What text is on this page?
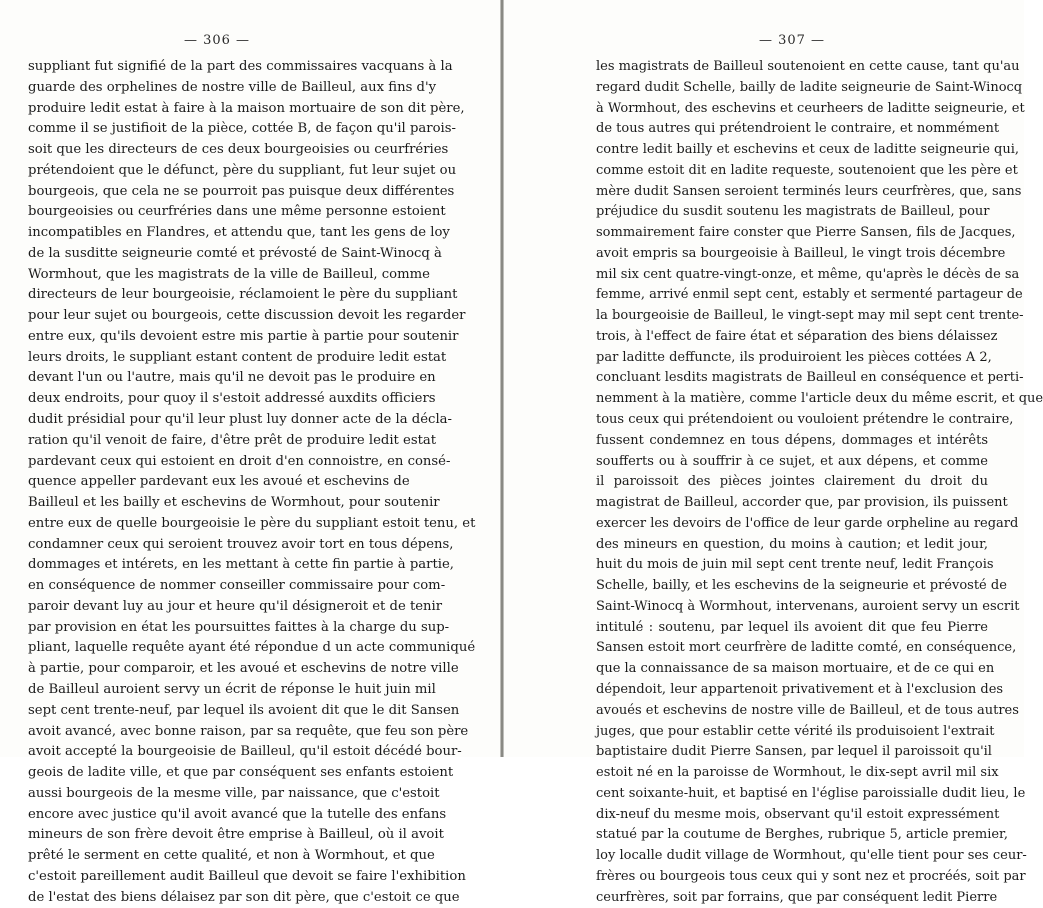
— 306 —
suppliant fut signifié de la part des commissaires vacquans à la
guarde des orphelines de nostre ville de Bailleul, aux fins d'y
produire ledit estat à faire à la maison mortuaire de son dit père,
comme il se justifioit de la pièce, cottée B, de façon qu'il parois-
soit que les directeurs de ces deux bourgeoisies ou ceurfréries
prétendoient que le défunct, père du suppliant, fut leur sujet ou
bourgeois, que cela ne se pourroit pas puisque deux différentes
bourgeoisies ou ceurfréries dans une même personne estoient
incompatibles en Flandres, et attendu que, tant les gens de loy
de la susditte seigneurie comté et prévosté de Saint-Winocq à
Wormhout, que les magistrats de la ville de Bailleul, comme
directeurs de leur bourgeoisie, réclamoient le père du suppliant
pour leur sujet ou bourgeois, cette discussion devoit les regarder
entre eux, qu'ils devoient estre mis partie à partie pour soutenir
leurs droits, le suppliant estant content de produire ledit estat
devant l'un ou l'autre, mais qu'il ne devoit pas le produire en
deux endroits, pour quoy il s'estoit addressé auxdits officiers
dudit présidial pour qu'il leur plust luy donner acte de la décla-
ration qu'il venoit de faire, d'être prêt de produire ledit estat
pardevant ceux qui estoient en droit d'en connoistre, en consé-
quence appeller pardevant eux les avoué et eschevins de
Bailleul et les bailly et eschevins de Wormhout, pour soutenir
entre eux de quelle bourgeoisie le père du suppliant estoit tenu, et
condamner ceux qui seroient trouvez avoir tort en tous dépens,
dommages et intérets, en les mettant à cette fin partie à partie,
en conséquence de nommer conseiller commissaire pour com-
paroir devant luy au jour et heure qu'il désigneroit et de tenir
par provision en état les poursuittes faittes à la charge du sup-
pliant, laquelle requête ayant été répondue d un acte communiqué
à partie, pour comparoir, et les avoué et eschevins de notre ville
de Bailleul auroient servy un écrit de réponse le huit juin mil
sept cent trente-neuf, par lequel ils avoient dit que le dit Sansen
avoit avancé, avec bonne raison, par sa requête, que feu son père
avoit accepté la bourgeoisie de Bailleul, qu'il estoit décédé bour-
geois de ladite ville, et que par conséquent ses enfants estoient
aussi bourgeois de la mesme ville, par naissance, que c'estoit
encore avec justice qu'il avoit avancé que la tutelle des enfans
mineurs de son frère devoit être emprise à Bailleul, où il avoit
prêté le serment en cette qualité, et non à Wormhout, et que
c'estoit pareillement audit Bailleul que devoit se faire l'exhibition
de l'estat des biens délaisez par son dit père, que c'estoit ce que
— 307 —
les magistrats de Bailleul soutenoient en cette cause, tant qu'au
regard dudit Schelle, bailly de ladite seigneurie de Saint-Winocq
à Wormhout, des eschevins et ceurheers de laditte seigneurie, et
de tous autres qui prétendroient le contraire, et nommément
contre ledit bailly et eschevins et ceux de laditte seigneurie qui,
comme estoit dit en ladite requeste, soutenoient que les père et
mère dudit Sansen seroient terminés leurs ceurfrères, que, sans
préjudice du susdit soutenu les magistrats de Bailleul, pour
sommairement faire conster que Pierre Sansen, fils de Jacques,
avoit empris sa bourgeoisie à Bailleul, le vingt trois décembre
mil six cent quatre-vingt-onze, et même, qu'après le décès de sa
femme, arrivé enmil sept cent, estably et sermenté partageur de
la bourgeoisie de Bailleul, le vingt-sept may mil sept cent trente-
trois, à l'effect de faire état et séparation des biens délaissez
par laditte deffuncte, ils produiroient les pièces cottées A 2,
concluant lesdits magistrats de Bailleul en conséquence et perti-
nemment à la matière, comme l'article deux du même escrit, et que
tous ceux qui prétendoient ou vouloient prétendre le contraire,
fussent condemnez en tous dépens, dommages et intérêts
soufferts ou à souffrir à ce sujet, et aux dépens, et comme
il paroissoit des pièces jointes clairement du droit du
magistrat de Bailleul, accorder que, par provision, ils puissent
exercer les devoirs de l'office de leur garde orpheline au regard
des mineurs en question, du moins à caution; et ledit jour,
huit du mois de juin mil sept cent trente neuf, ledit François
Schelle, bailly, et les eschevins de la seigneurie et prévosté de
Saint-Winocq à Wormhout, intervenans, auroient servy un escrit
intitulé : soutenu, par lequel ils avoient dit que feu Pierre
Sansen estoit mort ceurfrère de laditte comté, en conséquence,
que la connaissance de sa maison mortuaire, et de ce qui en
dépendoit, leur appartenoit privativement et à l'exclusion des
avoués et eschevins de nostre ville de Bailleul, et de tous autres
juges, que pour establir cette vérité ils produisoient l'extrait
baptistaire dudit Pierre Sansen, par lequel il paroissoit qu'il
estoit né en la paroisse de Wormhout, le dix-sept avril mil six
cent soixante-huit, et baptisé en l'église paroissialle dudit lieu, le
dix-neuf du mesme mois, observant qu'il estoit expressément
statué par la coutume de Berghes, rubrique 5, article premier,
loy localle dudit village de Wormhout, qu'elle tient pour ses ceur-
frères ou bourgeois tous ceux qui y sont nez et procréés, soit par
ceurfrères, soit par forrains, que par conséquent ledit Pierre
